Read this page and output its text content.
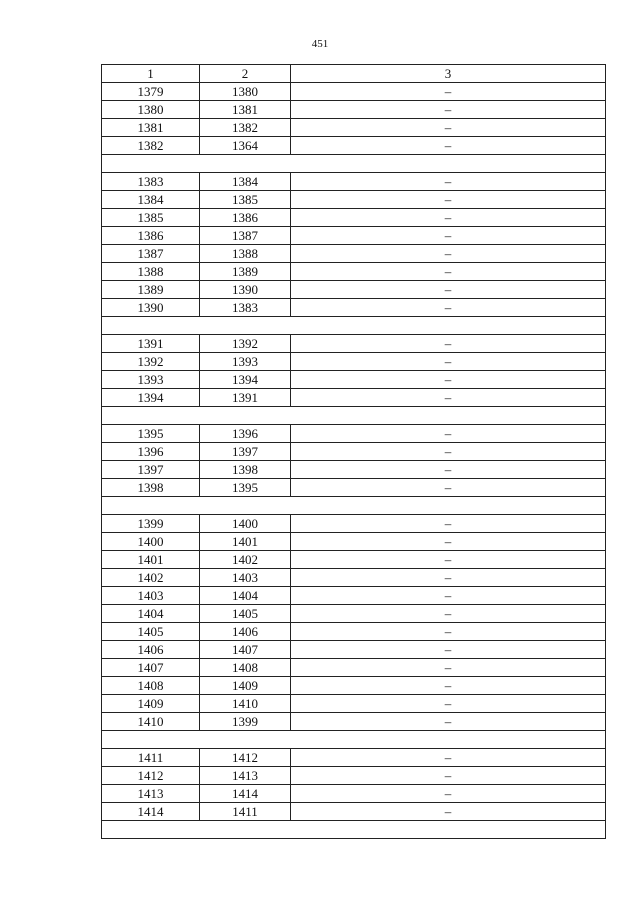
451
1	2	3
1379	1380	–
1380	1381	–
1381	1382	–
1382	1364	–

1383	1384	–
1384	1385	–
1385	1386	–
1386	1387	–
1387	1388	–
1388	1389	–
1389	1390	–
1390	1383	–

1391	1392	–
1392	1393	–
1393	1394	–
1394	1391	–

1395	1396	–
1396	1397	–
1397	1398	–
1398	1395	–

1399	1400	–
1400	1401	–
1401	1402	–
1402	1403	–
1403	1404	–
1404	1405	–
1405	1406	–
1406	1407	–
1407	1408	–
1408	1409	–
1409	1410	–
1410	1399	–

1411	1412	–
1412	1413	–
1413	1414	–
1414	1411	–
